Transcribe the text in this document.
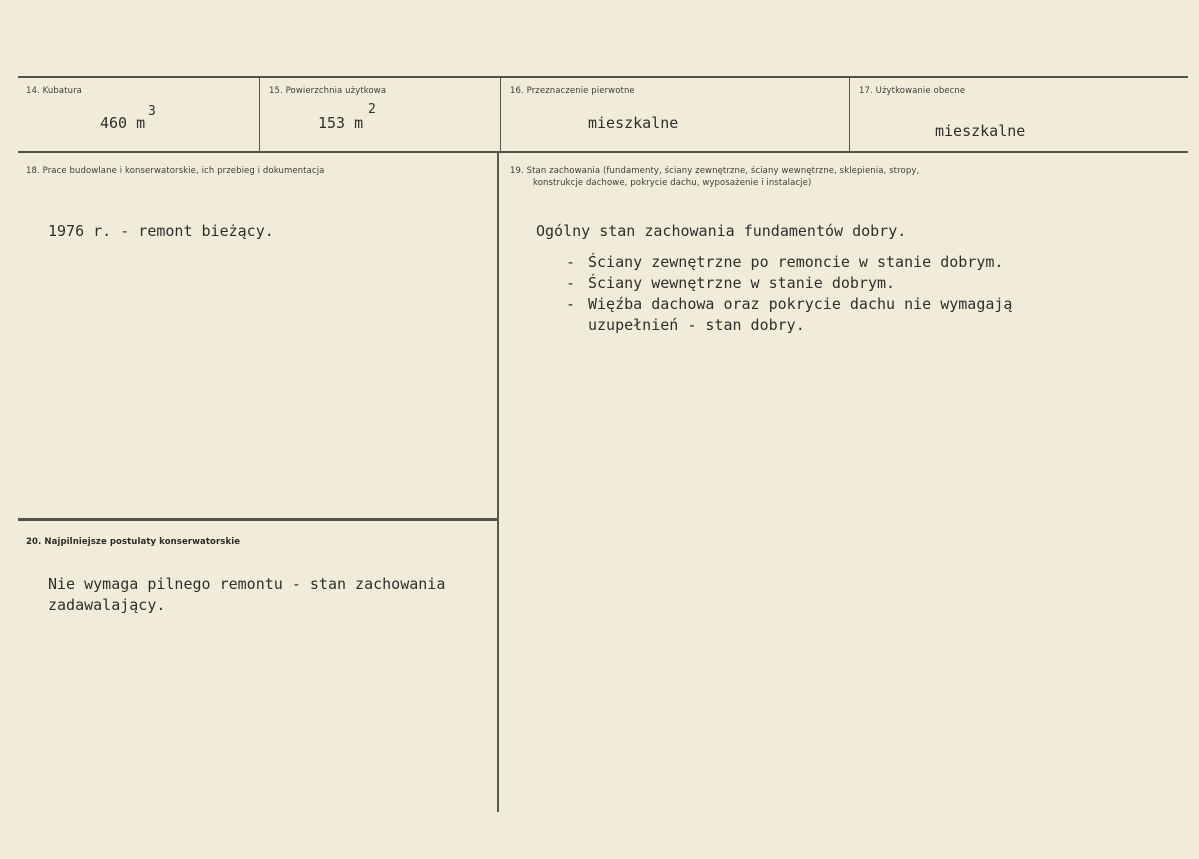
14. Kubatura
460 m
3
15. Powierzchnia użytkowa
153 m
2
16. Przeznaczenie pierwotne
mieszkalne
17. Użytkowanie obecne
mieszkalne
18. Prace budowlane i konserwatorskie, ich przebieg i dokumentacja
1976 r. - remont bieżący.
19. Stan zachowania (fundamenty, ściany zewnętrzne, ściany wewnętrzne, sklepienia, stropy,
konstrukcje dachowe, pokrycie dachu, wyposażenie i instalacje)
Ogólny stan zachowania fundamentów dobry.
- Ściany zewnętrzne po remoncie w stanie dobrym.
- Ściany wewnętrzne w stanie dobrym.
- Więźba dachowa oraz pokrycie dachu nie wymagają
uzupełnień - stan dobry.
20. Najpilniejsze postulaty konserwatorskie
Nie wymaga pilnego remontu - stan zachowania
zadawalający.
